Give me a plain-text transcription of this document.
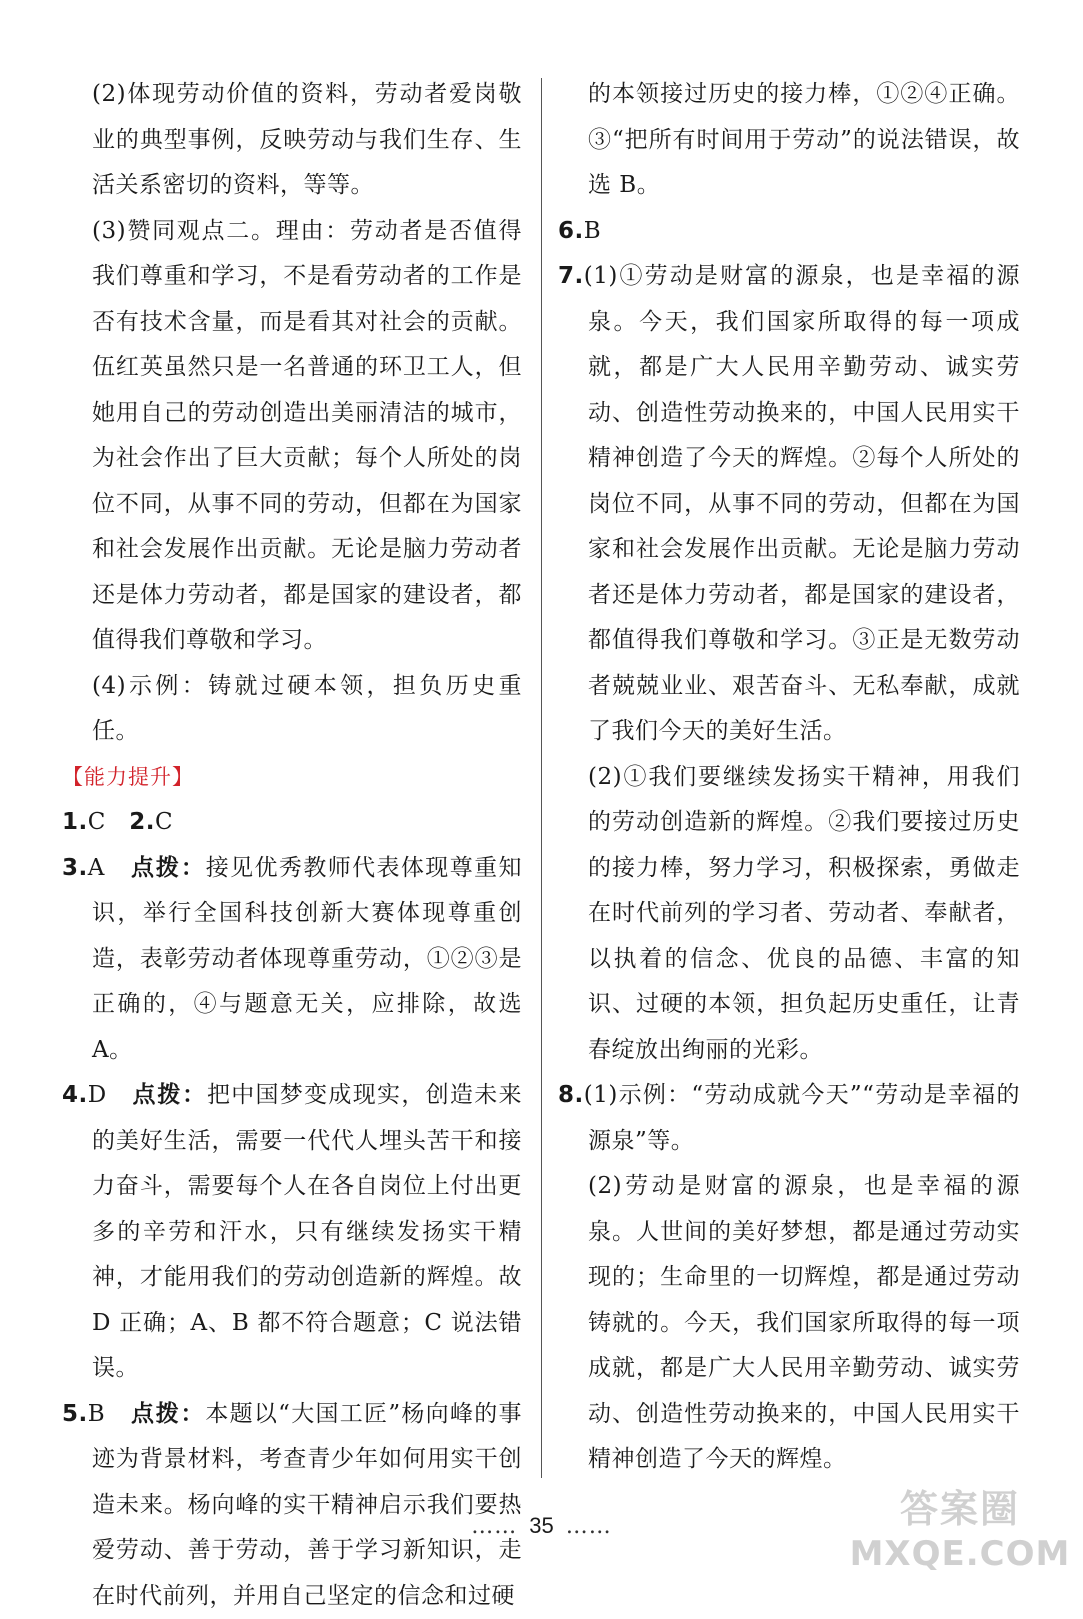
(2)体现劳动价值的资料，劳动者爱岗敬业的典型事例，反映劳动与我们生存、生活关系密切的资料，等等。
(3)赞同观点二。理由：劳动者是否值得我们尊重和学习，不是看劳动者的工作是否有技术含量，而是看其对社会的贡献。伍红英虽然只是一名普通的环卫工人，但她用自己的劳动创造出美丽清洁的城市，为社会作出了巨大贡献；每个人所处的岗位不同，从事不同的劳动，但都在为国家和社会发展作出贡献。无论是脑力劳动者还是体力劳动者，都是国家的建设者，都值得我们尊敬和学习。
(4)示例：铸就过硬本领，担负历史重任。
【能力提升】
1.C 2.C
3.A 点拨：接见优秀教师代表体现尊重知识，举行全国科技创新大赛体现尊重创造，表彰劳动者体现尊重劳动，①②③是正确的，④与题意无关，应排除，故选 A。
4.D 点拨：把中国梦变成现实，创造未来的美好生活，需要一代代人埋头苦干和接力奋斗，需要每个人在各自岗位上付出更多的辛劳和汗水，只有继续发扬实干精神，才能用我们的劳动创造新的辉煌。故 D 正确；A、B 都不符合题意；C 说法错误。
5.B 点拨：本题以“大国工匠”杨向峰的事迹为背景材料，考查青少年如何用实干创造未来。杨向峰的实干精神启示我们要热爱劳动、善于劳动，善于学习新知识，走在时代前列，并用自己坚定的信念和过硬
的本领接过历史的接力棒，①②④正确。③“把所有时间用于劳动”的说法错误，故选 B。
6.B
7.(1)①劳动是财富的源泉，也是幸福的源泉。今天，我们国家所取得的每一项成就，都是广大人民用辛勤劳动、诚实劳动、创造性劳动换来的，中国人民用实干精神创造了今天的辉煌。②每个人所处的岗位不同，从事不同的劳动，但都在为国家和社会发展作出贡献。无论是脑力劳动者还是体力劳动者，都是国家的建设者，都值得我们尊敬和学习。③正是无数劳动者兢兢业业、艰苦奋斗、无私奉献，成就了我们今天的美好生活。
(2)①我们要继续发扬实干精神，用我们的劳动创造新的辉煌。②我们要接过历史的接力棒，努力学习，积极探索，勇做走在时代前列的学习者、劳动者、奉献者，以执着的信念、优良的品德、丰富的知识、过硬的本领，担负起历史重任，让青春绽放出绚丽的光彩。
8.(1)示例：“劳动成就今天”“劳动是幸福的源泉”等。
(2)劳动是财富的源泉，也是幸福的源泉。人世间的美好梦想，都是通过劳动实现的；生命里的一切辉煌，都是通过劳动铸就的。今天，我们国家所取得的每一项成就，都是广大人民用辛勤劳动、诚实劳动、创造性劳动换来的，中国人民用实干精神创造了今天的辉煌。
…… 35 ……	答案圈
MXQE.COM
